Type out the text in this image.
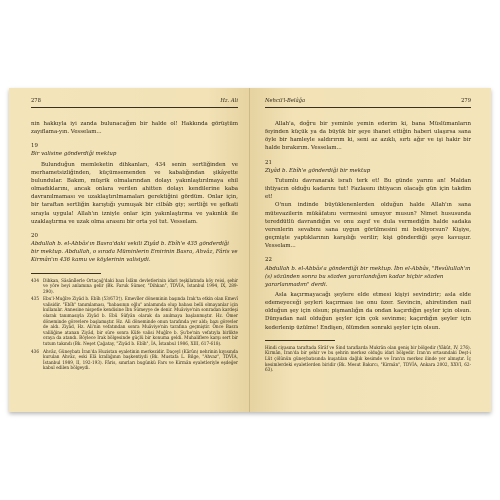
278	Hz. Ali

nin hakkıyla iyi zanda bulunacağım bir halde ol! Hakkında görüştüm zayıflama-yın. Vesselam...

19
Bir valisine gönderdiği mektup

Bulunduğun memleketin dihkanları, 434 senin sertliğinden ve merhametsizliğinden, küçümsemenden ve kabalığından şikâyette bulundular. Bakım, müşrik olmalarından dolayı yakınlaştırılmaya ehil olmadıklarını, ancak onlara verilen ahitten dolayı kendilerine kaba davranılmaması ve uzaklaştırılmamaları gerektiğini gördüm. Onlar için, bir taraftan sertliğin karıştığı yumuşak bir cilbâb giy; sertliği ve şefkati sırayla uygula! Allah'ın izniyle onlar için yakınlaştırma ve yakınlık ile uzaklaştırma ve uzak olma arasını bir orta yol tut. Vesselam.

20
Abdullah b. el-Abbâs'ın Basra'daki vekili Ziyâd b. Ebîh'e 435 gönderdiği bir mektup. Abdullah, o sırada Müminlerin Emirinin Basra, Ahvâz, Fâris ve Kirmân'ın 436 kamu ve köylerinin valisiydi.
434 Dihkan, Sâsânîlerle Ortaçağ'daki bazı İslâm devletlerinin idari teşkilatında köy reisi, şehir ve yöre beyi anlamına gelir (Bk. Faruk Sümer, "Dihkan", TDVİA, İstanbul 1994, IX, 289-290).
435 Ebu'l-Muğîre Ziyâd b. Ebîh (53/673†). Emevîler döneminin başında Irak'ta etkin olan Emevî valisidir. "Ebîh" tanımlaması, "babasının oğlu" anlamında olup babası belli olmayanlar için kullanılır. Annesine nispetle kendisine İbn Sümeyye de denir. Muâviye'nin sonradan kardeşi olarak tanımasıyla Ziyâd b. Ebû Süfyân olarak da anılmaya başlanmıştır. Hz. Ömer döneminde görevlere başlamıştır. Hz. Ali döneminde onun tarafında yer aldı; bazı görevler de aldı. Ziyâd, Hz. Ali'nin vefatından sonra Muâviye'nin tarafına geçmiştir. Önce Basra valiliğine atanan Ziyâd, bir süre sonra Kûfe valisi Muğîre b. Şu'be'nin vefatıyla birlikte oraya da atandı. Böylece Irak bölgesinde güçlü bir konuma geldi. Muhaliflere karşı sert bir tutum takındı (Bk. Neşet Çağatay, "Ziyâd b. Ebîh", İA, İstanbul 1986, XIII, 617-618).
436 Ahvâz, Güneybatı İran'da Huzistan eyaletinin merkezidir. Daçeyl (Kârûn) nehrinin kıyısında kurulan Ahvâz, eski Elâ krallığının başkentiydi (Bk. Mustafa L. Bilge, "Ahvaz", TDVİA, İstanbul 1989, II, 192-193). Fâris, sınırları bugünkü Fars ve Kirmân eyaletleriyle eşdeğer kabul edilen bölgeydi.
Nehcü'l-Belâğa	279

Allah'a, doğru bir yeminle yemin ederim ki, bana Müslümanların feyinden küçük ya da büyük bir şeye ihanet ettiğin haberi ulaşırsa sana öyle bir hamleyle saldırırım ki, seni az azıklı, sırtı ağır ve işi hakir bir halde bırakırım. Vesselam...

21
Ziyâd b. Ebîh'e gönderdiği bir mektup

Tutumlu davranarak israfı terk et! Bu günde yarını an! Maldan ihtiyacın olduğu kadarını tut! Fazlasını ihtiyacın olacağı gün için takdim et!

O'nun indinde büyüklenenlerden olduğun halde Allah'ın sana mütevazilerin mükâfatını vermesini umuyor musun? Nimet hususunda tereddütlü davrandığın ve onu zayıf ve dula vermediğin halde sadaka verenlerin sevabını sana uygun görülmesini mi bekliyorsun? Kişiye, geçmişte yaptıklarının karşılığı verilir; kişi gönderdiği şeye kavuşur. Vesselam...

22
Abdullah b. el-Abbâs'a gönderdiği bir mektup. İbn el-Abbâs, "Resûlullah'ın (s) sözünden sonra bu sözden yararlandığım kadar hiçbir sözden yararlanmadım" derdi.

Asla kaçırmayacağı şeylere elde etmesi kişiyi sevindirir; asla elde edemeyeceği şeyleri kaçırması ise onu üzer. Sevincin, ahiretinden nail olduğun şey için olsun; pişmanlığın da ondan kaçırdığın şeyler için olsun. Dünyadan nail olduğun şeyler için çok sevinme; kaçırdığın şeyler için kederlenip üzülme! Endişen, ölümden sonraki şeyler için olsun.

Hindi ciyasına taraftada Sîrâf ve Sind taraflarda Mukrân olan geniş bir bölgedir (Yâkût, IV, 276). Kirmân, İran'da bir şehir ve bu şehrin merkez olduğu idari bölgedir. İran'ın ortasındaki Deşt-i Lût çölünün güneybatısında kuşatılan dağlık kesimde ve İran'ın merkez ilinde yer almıştır. İç kesimlerdeki eyaletlerden biridir (Bk. Mesut Bakırcı, "Kirmân", TDVİA, Ankara 2002, XXVI, 62-63).
